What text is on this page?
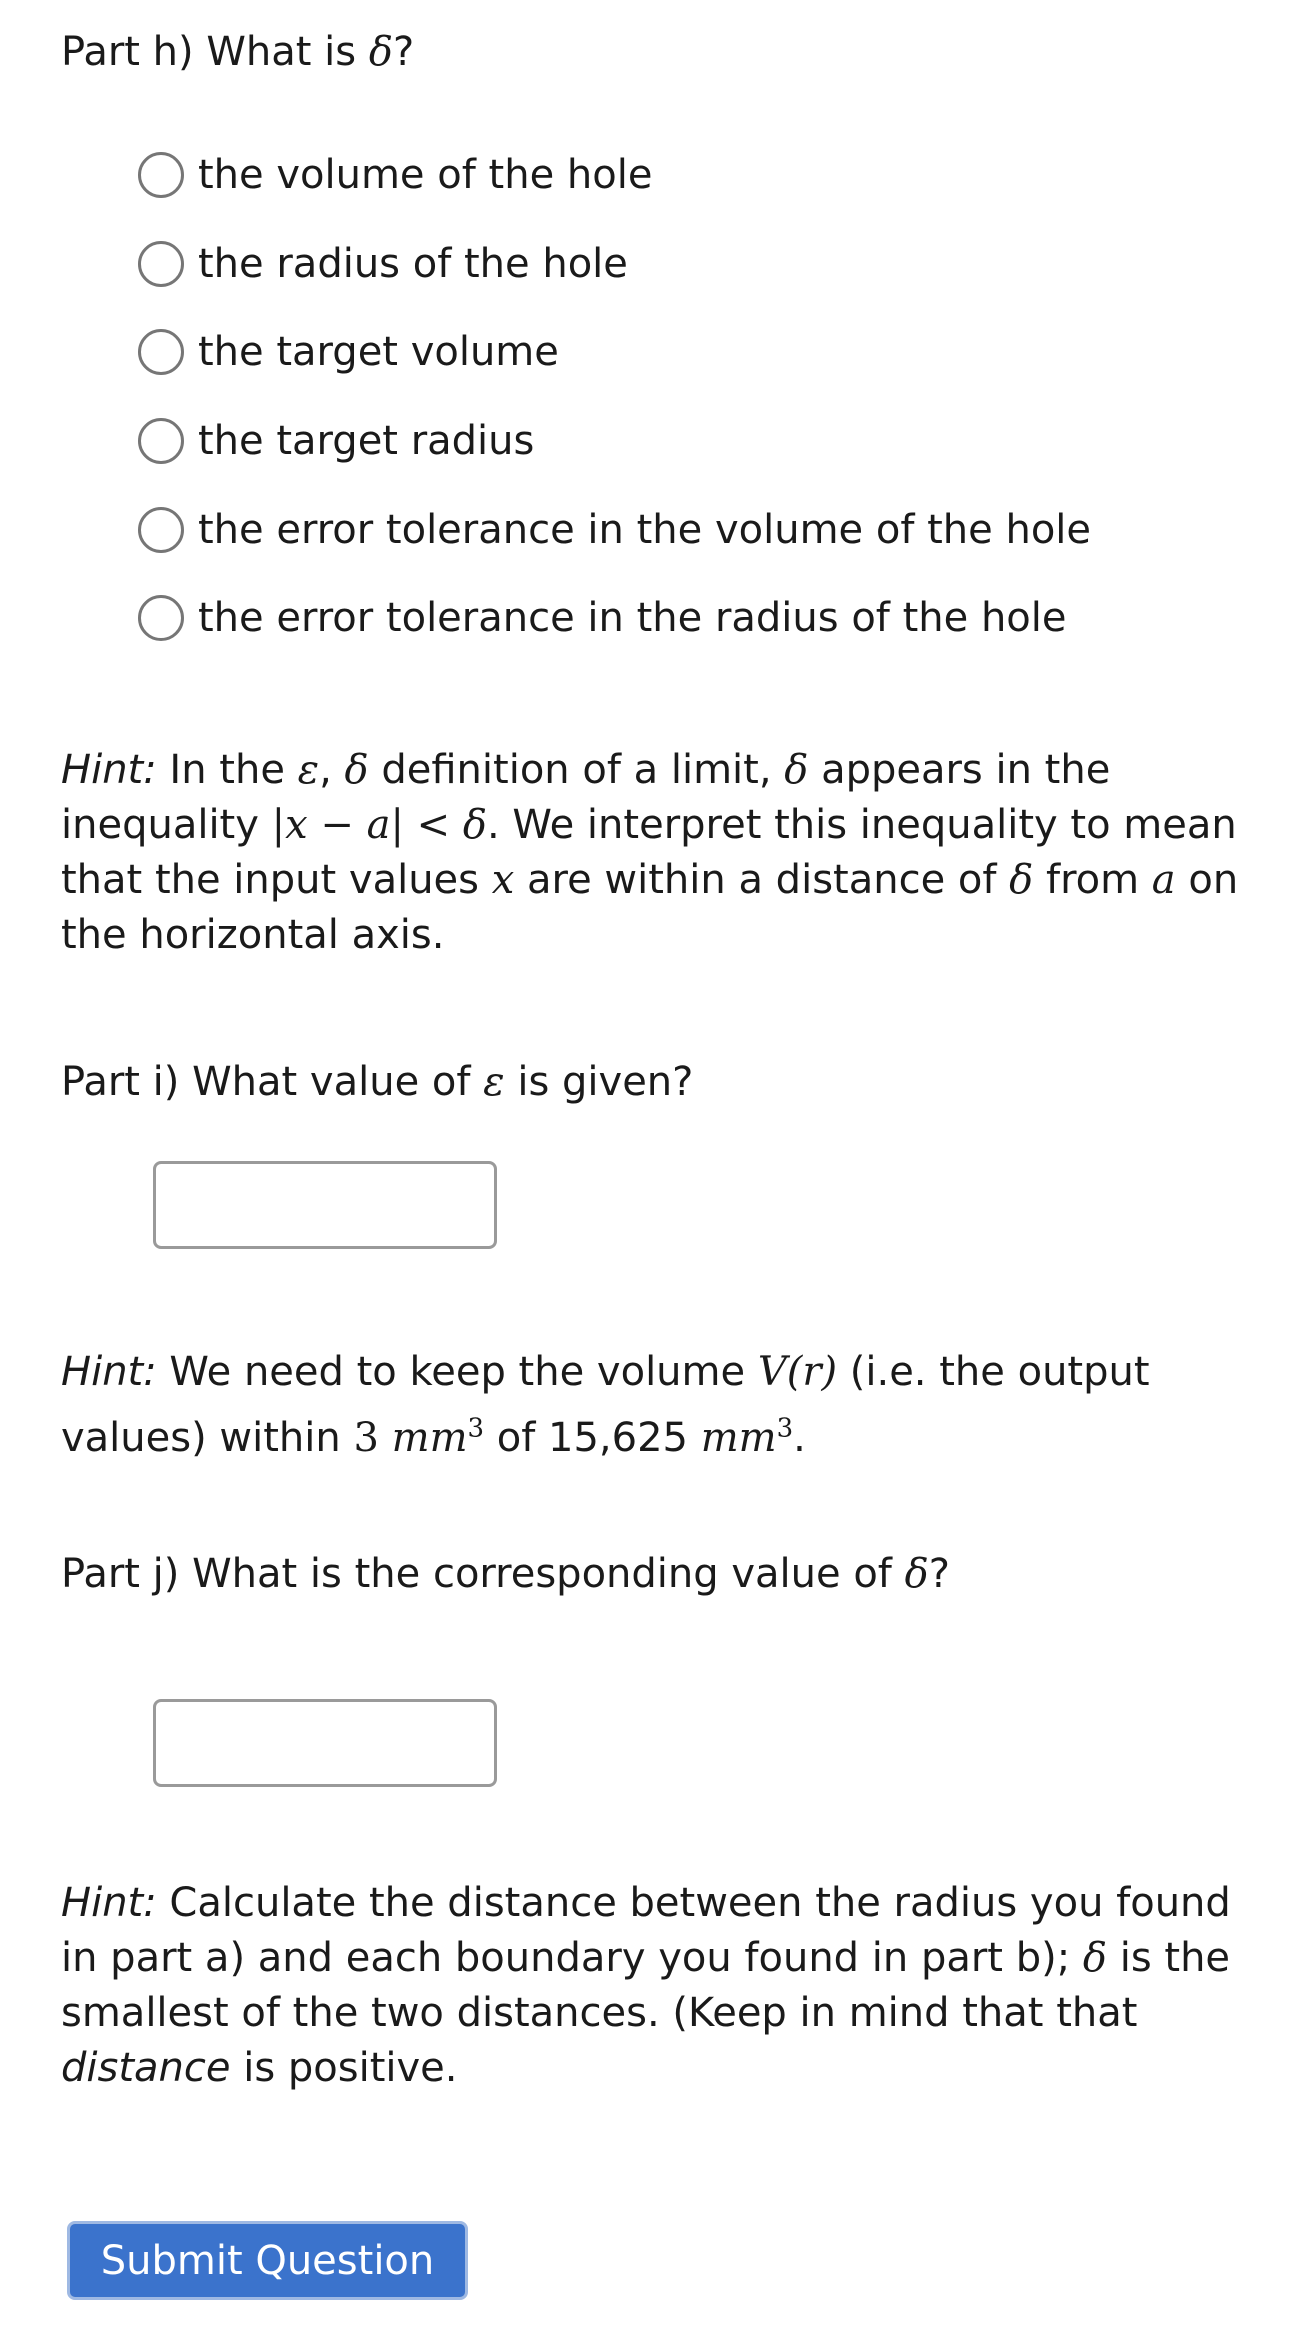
Part h) What is δ?

the volume of the hole
the radius of the hole
the target volume
the target radius
the error tolerance in the volume of the hole
the error tolerance in the radius of the hole

Hint: In the ε, δ definition of a limit, δ appears in the inequality |x − a| < δ. We interpret this inequality to mean that the input values x are within a distance of δ from a on the horizontal axis.

Part i) What value of ε is given?

Hint: We need to keep the volume V(r) (i.e. the output values) within 3 $mm^3$ of 15,625 $mm^3$.

Part j) What is the corresponding value of δ?

Hint: Calculate the distance between the radius you found in part a) and each boundary you found in part b); δ is the smallest of the two distances. (Keep in mind that that distance is positive.

Submit Question
